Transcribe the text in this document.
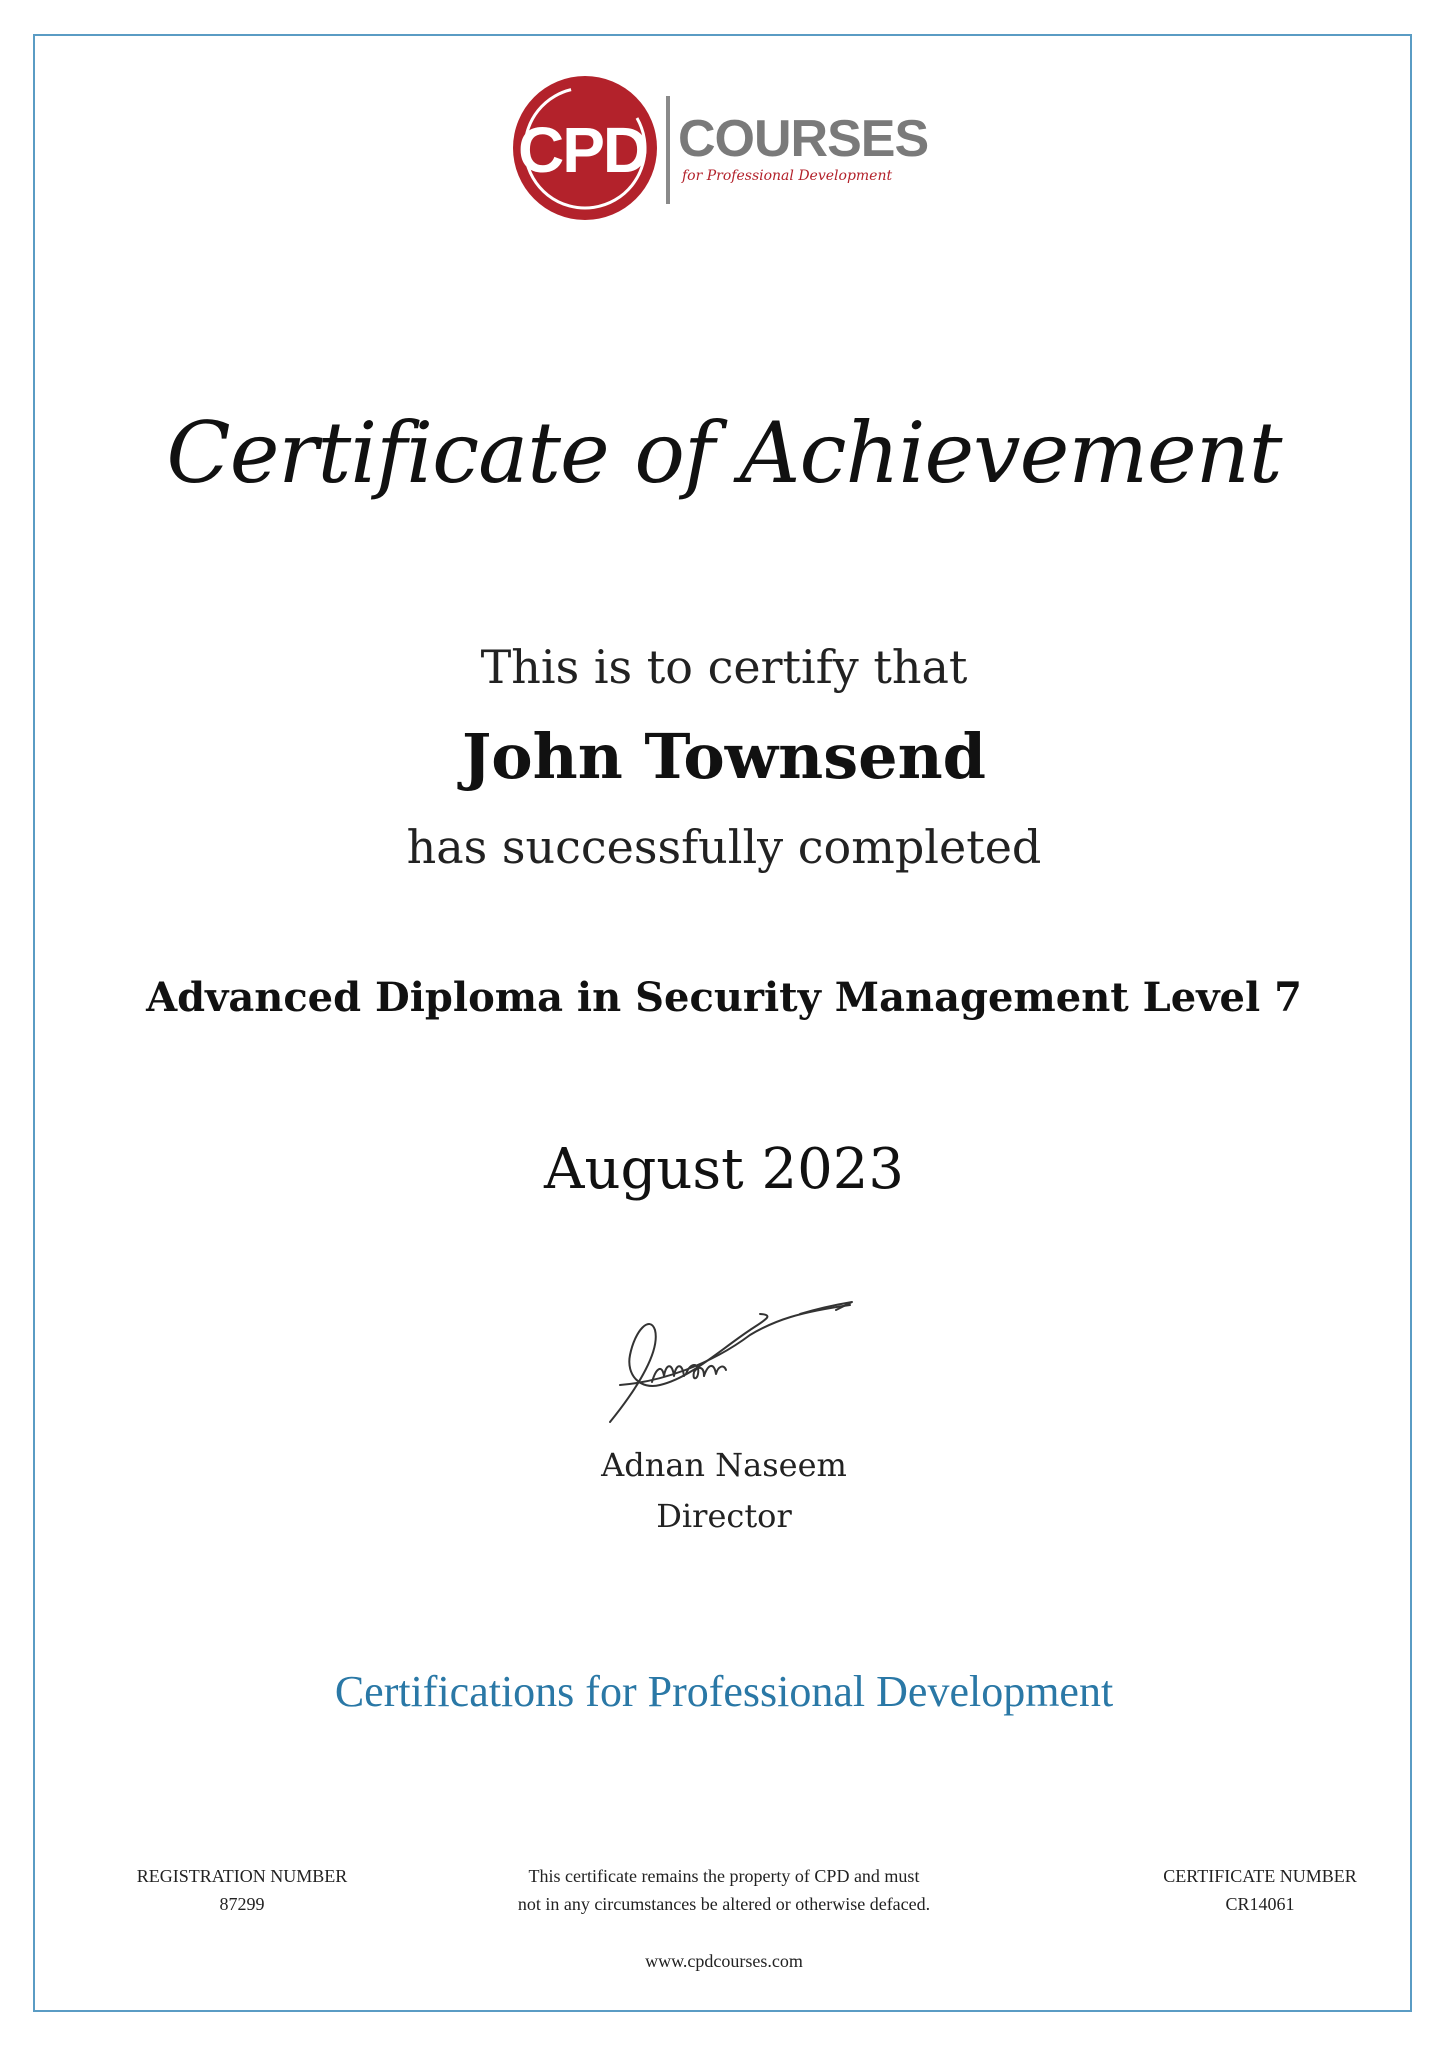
CPD COURSES
for Professional Development
Certificate of Achievement
This is to certify that
John Townsend
has successfully completed
Advanced Diploma in Security Management Level 7
August 2023
Adnan Naseem
Director
Certifications for Professional Development
REGISTRATION NUMBER
87299
This certificate remains the property of CPD and must
not in any circumstances be altered or otherwise defaced.
CERTIFICATE NUMBER
CR14061
www.cpdcourses.com
